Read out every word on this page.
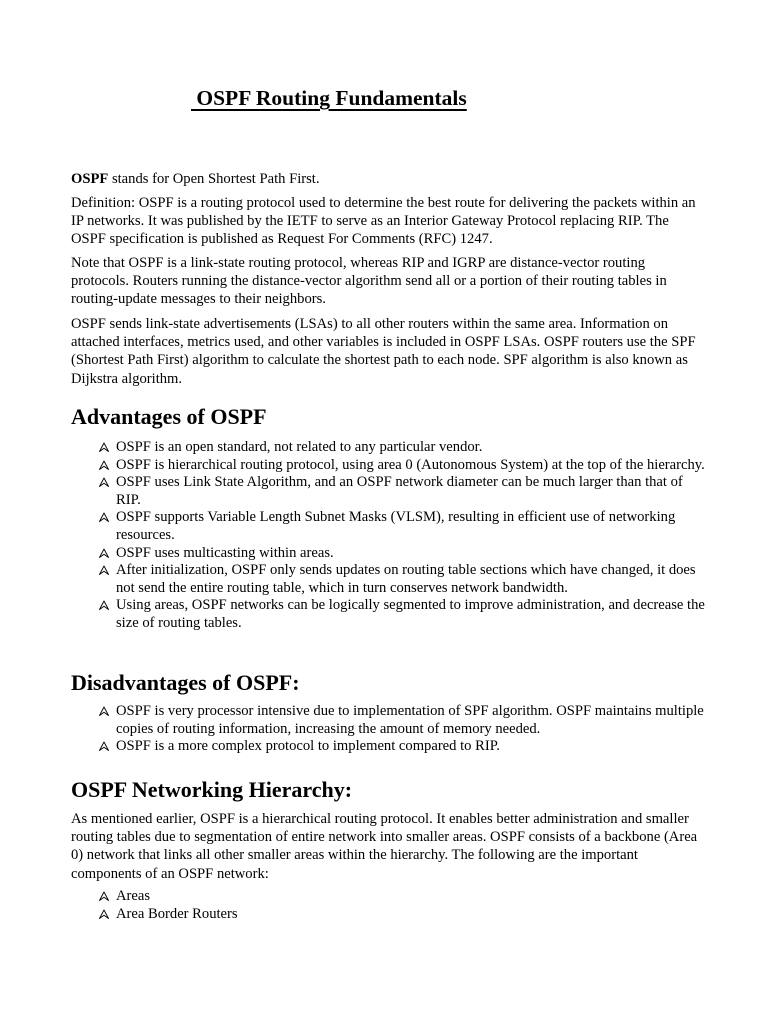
OSPF Routing Fundamentals

OSPF stands for Open Shortest Path First.

Definition: OSPF is a routing protocol used to determine the best route for delivering the packets within an IP networks. It was published by the IETF to serve as an Interior Gateway Protocol replacing RIP. The OSPF specification is published as Request For Comments (RFC) 1247.

Note that OSPF is a link-state routing protocol, whereas RIP and IGRP are distance-vector routing protocols. Routers running the distance-vector algorithm send all or a portion of their routing tables in routing-update messages to their neighbors.

OSPF sends link-state advertisements (LSAs) to all other routers within the same area. Information on attached interfaces, metrics used, and other variables is included in OSPF LSAs. OSPF routers use the SPF (Shortest Path First) algorithm to calculate the shortest path to each node. SPF algorithm is also known as Dijkstra algorithm.

Advantages of OSPF
OSPF is an open standard, not related to any particular vendor.
OSPF is hierarchical routing protocol, using area 0 (Autonomous System) at the top of the hierarchy.
OSPF uses Link State Algorithm, and an OSPF network diameter can be much larger than that of RIP.
OSPF supports Variable Length Subnet Masks (VLSM), resulting in efficient use of networking resources.
OSPF uses multicasting within areas.
After initialization, OSPF only sends updates on routing table sections which have changed, it does not send the entire routing table, which in turn conserves network bandwidth.
Using areas, OSPF networks can be logically segmented to improve administration, and decrease the size of routing tables.
Disadvantages of OSPF:
OSPF is very processor intensive due to implementation of SPF algorithm. OSPF maintains multiple copies of routing information, increasing the amount of memory needed.
OSPF is a more complex protocol to implement compared to RIP.
OSPF Networking Hierarchy:

As mentioned earlier, OSPF is a hierarchical routing protocol. It enables better administration and smaller routing tables due to segmentation of entire network into smaller areas. OSPF consists of a backbone (Area 0) network that links all other smaller areas within the hierarchy. The following are the important components of an OSPF network:

Areas
Area Border Routers
